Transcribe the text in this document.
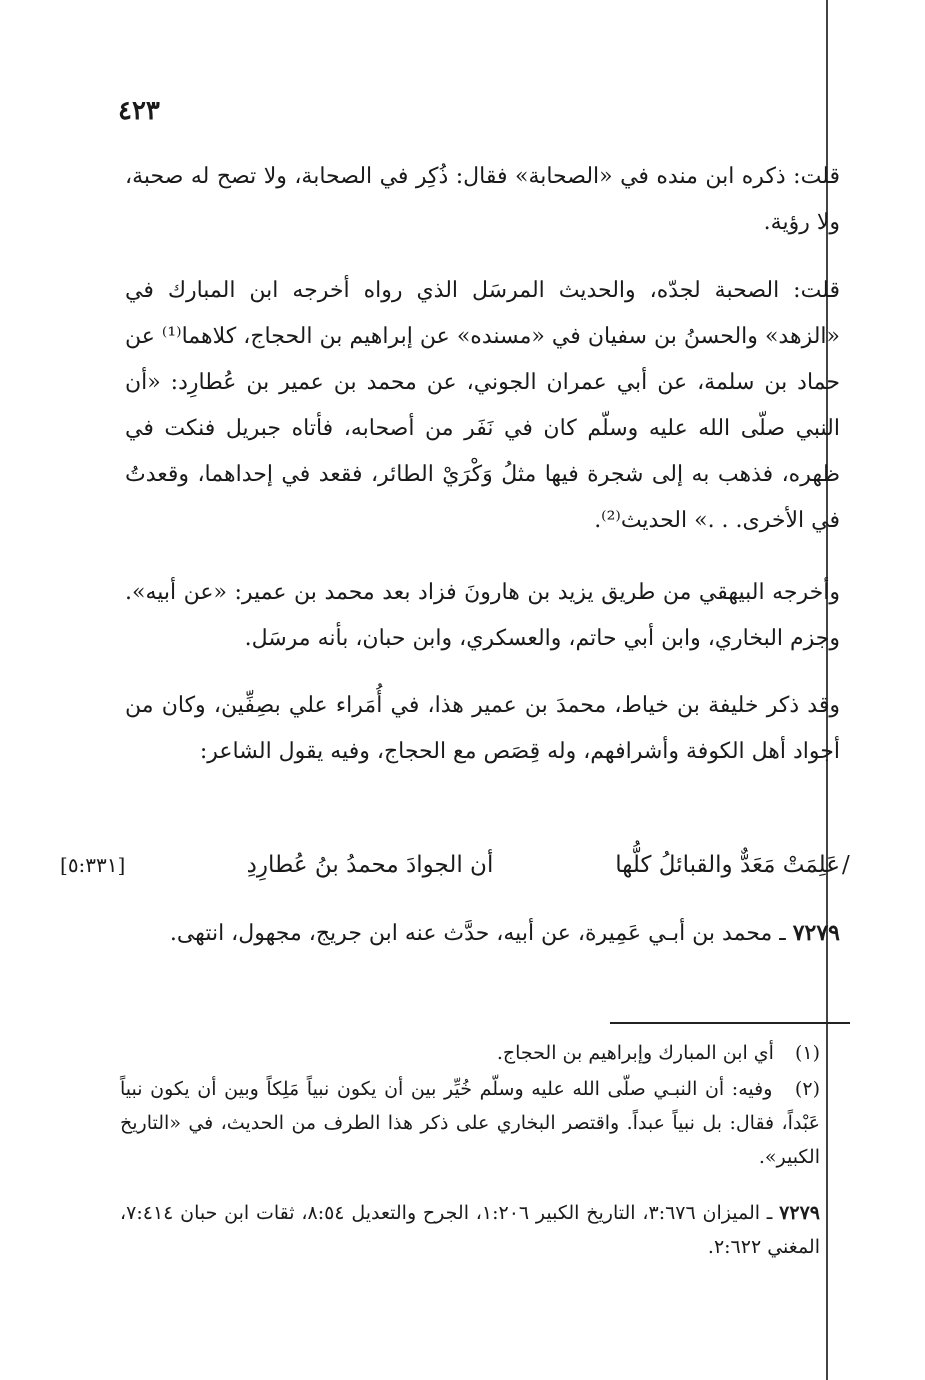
٤٢٣

قلت: ذكره ابن منده في «الصحابة» فقال: ذُكِر في الصحابة، ولا تصح له صحبة، ولا رؤية.

قلت: الصحبة لجدّه، والحديث المرسَل الذي رواه أخرجه ابن المبارك في «الزهد» والحسنُ بن سفيان في «مسنده» عن إبراهيم بن الحجاج، كلاهما⁽¹⁾ عن حماد بن سلمة، عن أبي عمران الجوني، عن محمد بن عمير بن عُطارِد: «أن النبي صلّى الله عليه وسلّم كان في نَفَر من أصحابه، فأتاه جبريل فنكت في ظهره، فذهب به إلى شجرة فيها مثلُ وَكْرَيْ الطائر، فقعد في إحداهما، وقعدتُ في الأخرى. . .» الحديث⁽²⁾.

وأخرجه البيهقي من طريق يزيد بن هارونَ فزاد بعد محمد بن عمير: «عن أبيه». وجزم البخاري، وابن أبي حاتم، والعسكري، وابن حبان، بأنه مرسَل.

وقد ذكر خليفة بن خياط، محمدَ بن عمير هذا، في أُمَراء علي بصِفِّين، وكان من أجواد أهل الكوفة وأشرافهم، وله قِصَص مع الحجاج، وفيه يقول الشاعر:

[٥:٣٣١]	أن الجوادَ محمدُ بنُ عُطارِدِ	عَلِمَتْ مَعَدٌّ والقبائلُ كلُّها /

٧٢٧٩ ـ محمد بن أبـي عَمِيرة، عن أبيه، حدَّث عنه ابن جريج، مجهول، انتهى.

(١) أي ابن المبارك وإبراهيم بن الحجاج.

(٢) وفيه: أن النبـي صلّى الله عليه وسلّم خُيِّر بين أن يكون نبياً مَلِكاً وبين أن يكون نبياً عَبْداً، فقال: بل نبياً عبداً. واقتصر البخاري على ذكر هذا الطرف من الحديث، في «التاريخ الكبير».

٧٢٧٩ ـ الميزان ٣:٦٧٦، التاريخ الكبير ١:٢٠٦، الجرح والتعديل ٨:٥٤، ثقات ابن حبان ٧:٤١٤، المغني ٢:٦٢٢.
